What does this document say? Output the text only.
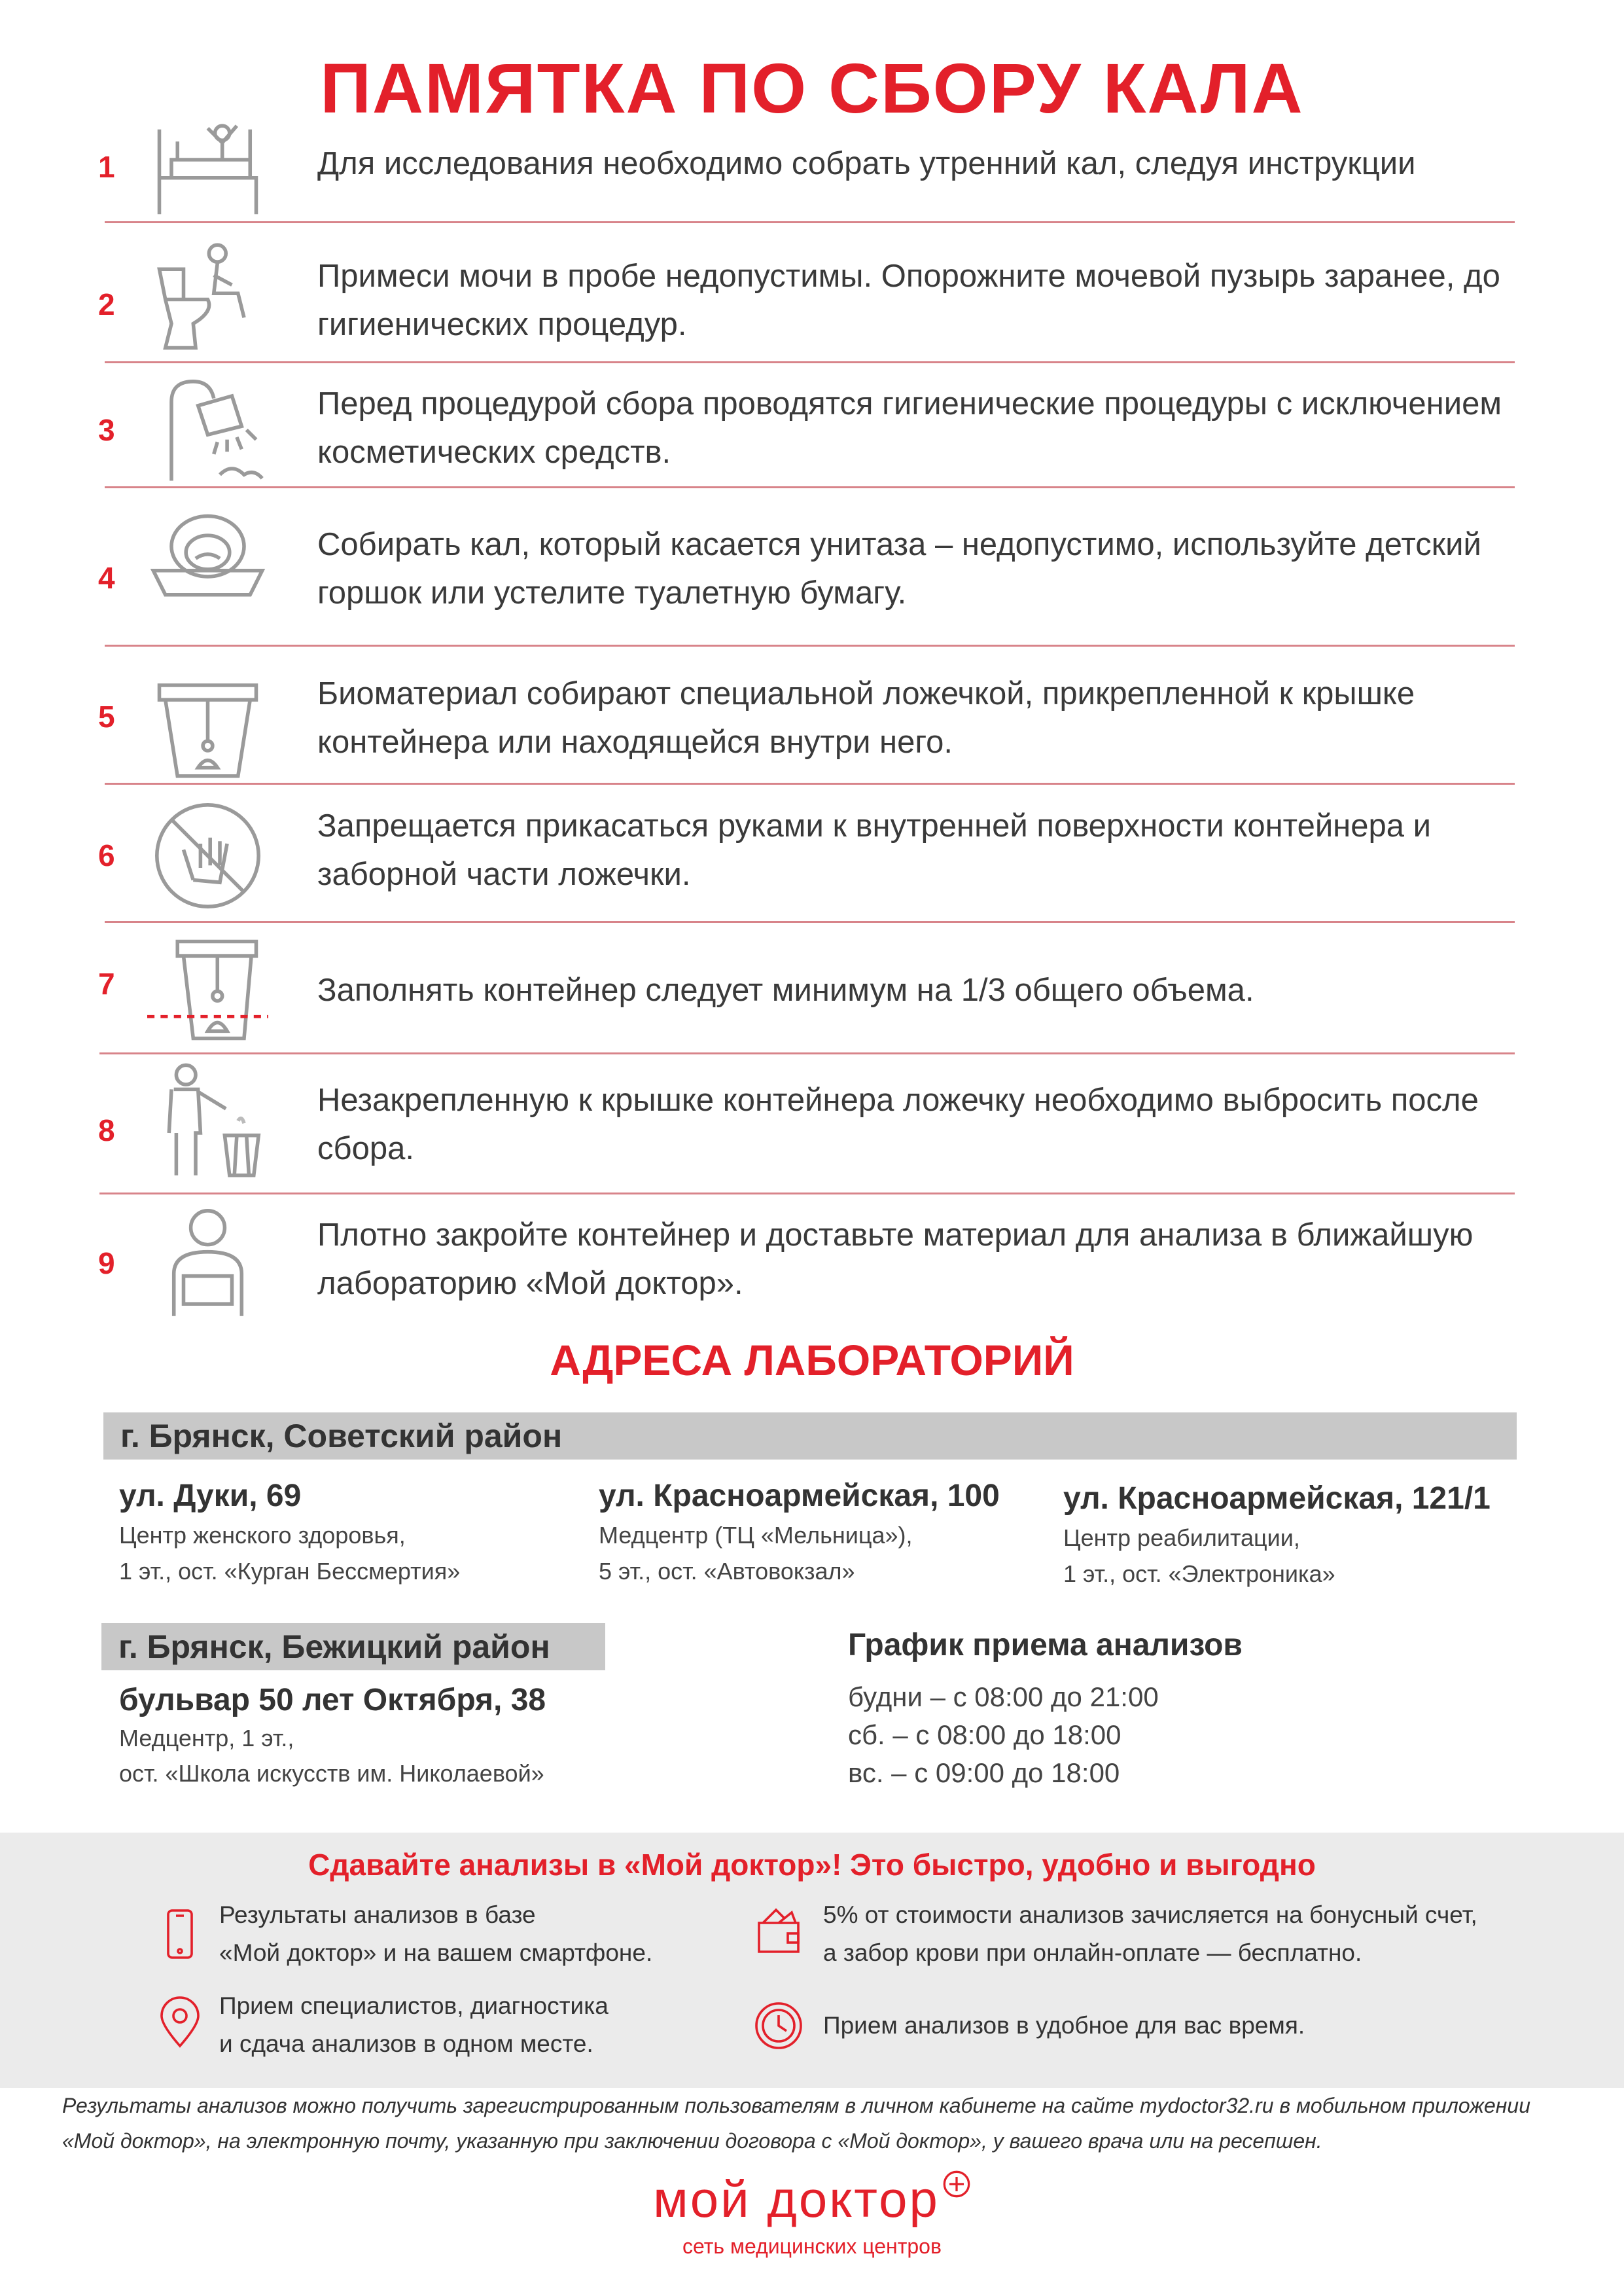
ПАМЯТКА ПО СБОРУ КАЛА
1	Для исследования необходимо собрать утренний кал, следуя инструкции
2
Примеси мочи в пробе недопустимы. Опорожните мочевой пузырь заранее, до гигиенических процедур.
3
Перед процедурой сбора проводятся гигиенические процедуры с исключением косметических средств.
4
Собирать кал, который касается унитаза – недопустимо, используйте детский горшок или устелите туалетную бумагу.
5
Биоматериал собирают специальной ложечкой, прикрепленной к крышке контейнера или находящейся внутри него.
6
Запрещается прикасаться руками к внутренней поверхности контейнера и заборной части ложечки.
7	Заполнять контейнер следует минимум на 1/3 общего объема.
8
Незакрепленную к крышке контейнера ложечку необходимо выбросить после сбора.
9
Плотно закройте контейнер и доставьте материал для анализа в ближайшую лабораторию «Мой доктор».
АДРЕСА ЛАБОРАТОРИЙ
г. Брянск, Советский район
ул. Дуки, 69
Центр женского здоровья,
1 эт., ост. «Курган Бессмертия»
ул. Красноармейская, 100
Медцентр (ТЦ «Мельница»),
5 эт., ост. «Автовокзал»
ул. Красноармейская, 121/1
Центр реабилитации,
1 эт., ост. «Электроника»
г. Брянск, Бежицкий район
бульвар 50 лет Октября, 38
Медцентр, 1 эт.,
ост. «Школа искусств им. Николаевой»
График приема анализов
будни – с 08:00 до 21:00
сб. – с 08:00 до 18:00
вс. – с 09:00 до 18:00
Сдавайте анализы в «Мой доктор»! Это быстро, удобно и выгодно
Результаты анализов в базе
«Мой доктор» и на вашем смартфоне.
5% от стоимости анализов зачисляется на бонусный счет,
а забор крови при онлайн-оплате — бесплатно.
Прием специалистов, диагностика
и сдача анализов в одном месте.
Прием анализов в удобное для вас время.
Результаты анализов можно получить зарегистрированным пользователям в личном кабинете на сайте mydoctor32.ru в мобильном приложении «Мой доктор», на электронную почту, указанную при заключении договора с «Мой доктор», у вашего врача или на ресепшен.
мой доктор
сеть медицинских центров
